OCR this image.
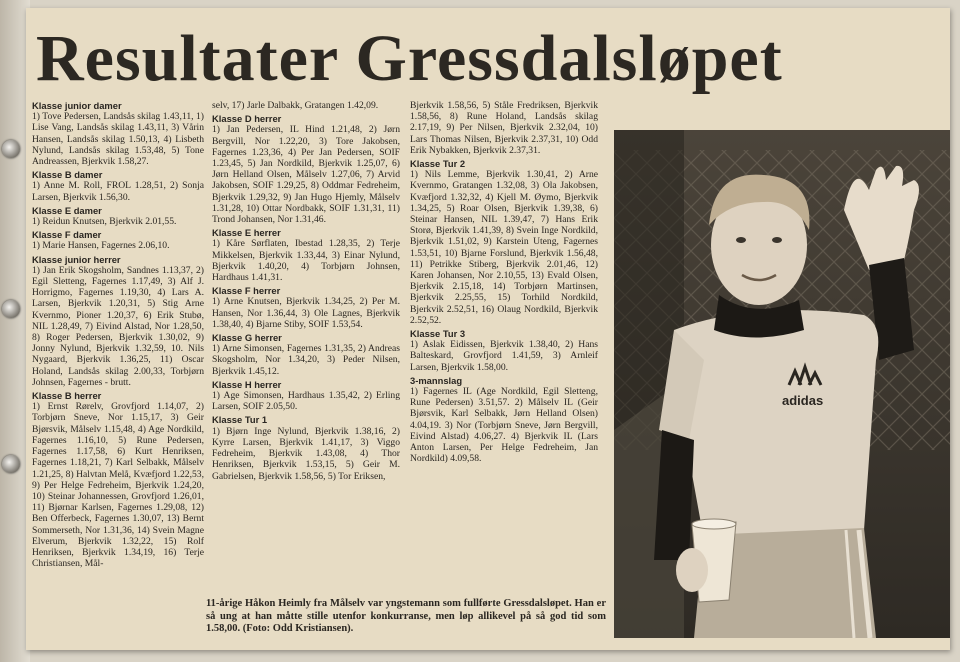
Resultater Gressdalsløpet
Klasse junior damer
1) Tove Pedersen, Landsås skilag 1.43,11, 1) Lise Vang, Landsås skilag 1.43,11, 3) Vårin Hansen, Landsås skilag 1.50,13, 4) Lisbeth Nylund, Landsås skilag 1.53,48, 5) Tone Andreassen, Bjerkvik 1.58,27.
Klasse B damer
1) Anne M. Roll, FROL 1.28,51, 2) Sonja Larsen, Bjerkvik 1.56,30.
Klasse E damer
1) Reidun Knutsen, Bjerkvik 2.01,55.
Klasse F damer
1) Marie Hansen, Fagernes 2.06,10.
Klasse junior herrer
1) Jan Erik Skogsholm, Sandnes 1.13,37, 2) Egil Sletteng, Fagernes 1.17,49, 3) Alf J. Horrigmo, Fagernes 1.19,30, 4) Lars A. Larsen, Bjerkvik 1.20,31, 5) Stig Arne Kvernmo, Pioner 1.20,37, 6) Erik Stubø, NIL 1.28,49, 7) Eivind Alstad, Nor 1.28,50, 8) Roger Pedersen, Bjerkvik 1.30,02, 9) Jonny Nylund, Bjerkvik 1.32,59, 10. Nils Nygaard, Bjerkvik 1.36,25, 11) Oscar Holand, Landsås skilag 2.00,33, Torbjørn Johnsen, Fagernes - brutt.
Klasse B herrer
1) Ernst Rørelv, Grovfjord 1.14,07, 2) Torbjørn Sneve, Nor 1.15,17, 3) Geir Bjørsvik, Målselv 1.15,48, 4) Age Nordkild, Fagernes 1.16,10, 5) Rune Pedersen, Fagernes 1.17,58, 6) Kurt Henriksen, Fagernes 1.18,21, 7) Karl Selbakk, Målselv 1.21,25, 8) Halvtan Melå, Kvæfjord 1.22,53, 9) Per Helge Fedreheim, Bjerkvik 1.24,20, 10) Steinar Johannessen, Grovfjord 1.26,01, 11) Bjørnar Karlsen, Fagernes 1.29,08, 12) Ben Offerbeck, Fagernes 1.30,07, 13) Bernt Sommerseth, Nor 1.31,36, 14) Svein Magne Elverum, Bjerkvik 1.32,22, 15) Rolf Henriksen, Bjerkvik 1.34,19, 16) Terje Christiansen, Mål-
selv, 17) Jarle Dalbakk, Gratangen 1.42,09.
Klasse D herrer
1) Jan Pedersen, IL Hind 1.21,48, 2) Jørn Bergvill, Nor 1.22,20, 3) Tore Jakobsen, Fagernes 1.23,36, 4) Per Jan Pedersen, SOIF 1.23,45, 5) Jan Nordkild, Bjerkvik 1.25,07, 6) Jørn Helland Olsen, Målselv 1.27,06, 7) Arvid Jakobsen, SOIF 1.29,25, 8) Oddmar Fedreheim, Bjerkvik 1.29,32, 9) Jan Hugo Hjemly, Målselv 1.31,28, 10) Ottar Nordbakk, SOIF 1.31,31, 11) Trond Johansen, Nor 1.31,46.
Klasse E herrer
1) Kåre Sørflaten, Ibestad 1.28,35, 2) Terje Mikkelsen, Bjerkvik 1.33,44, 3) Einar Nylund, Bjerkvik 1.40,20, 4) Torbjørn Johnsen, Hardhaus 1.41,31.
Klasse F herrer
1) Arne Knutsen, Bjerkvik 1.34,25, 2) Per M. Hansen, Nor 1.36,44, 3) Ole Lagnes, Bjerkvik 1.38,40, 4) Bjarne Stiby, SOIF 1.53,54.
Klasse G herrer
1) Arne Simonsen, Fagernes 1.31,35, 2) Andreas Skogsholm, Nor 1.34,20, 3) Peder Nilsen, Bjerkvik 1.45,12.
Klasse H herrer
1) Age Simonsen, Hardhaus 1.35,42, 2) Erling Larsen, SOIF 2.05,50.
Klasse Tur 1
1) Bjørn Inge Nylund, Bjerkvik 1.38,16, 2) Kyrre Larsen, Bjerkvik 1.41,17, 3) Viggo Fedreheim, Bjerkvik 1.43,08, 4) Thor Henriksen, Bjerkvik 1.53,15, 5) Geir M. Gabrielsen, Bjerkvik 1.58,56, 5) Tor Eriksen,
Bjerkvik 1.58,56, 5) Ståle Fredriksen, Bjerkvik 1.58,56, 8) Rune Holand, Landsås skilag 2.17,19, 9) Per Nilsen, Bjerkvik 2.32,04, 10) Lars Thomas Nilsen, Bjerkvik 2.37,31, 10) Odd Erik Nybakken, Bjerkvik 2.37,31.
Klasse Tur 2
1) Nils Lemme, Bjerkvik 1.30,41, 2) Arne Kvernmo, Gratangen 1.32,08, 3) Ola Jakobsen, Kvæfjord 1.32,32, 4) Kjell M. Øymo, Bjerkvik 1.34,25, 5) Roar Olsen, Bjerkvik 1.39,38, 6) Steinar Hansen, NIL 1.39,47, 7) Hans Erik Storø, Bjerkvik 1.41,39, 8) Svein Inge Nordkild, Bjerkvik 1.51,02, 9) Karstein Uteng, Fagernes 1.53,51, 10) Bjarne Forslund, Bjerkvik 1.56,48, 11) Petrikke Stiberg, Bjerkvik 2.01,46, 12) Karen Johansen, Nor 2.10,55, 13) Evald Olsen, Bjerkvik 2.15,18, 14) Torbjørn Martinsen, Bjerkvik 2.25,55, 15) Torhild Nordkild, Bjerkvik 2.52,51, 16) Olaug Nordkild, Bjerkvik 2.52,52.
Klasse Tur 3
1) Aslak Eidissen, Bjerkvik 1.38,40, 2) Hans Balteskard, Grovfjord 1.41,59, 3) Arnleif Larsen, Bjerkvik 1.58,00.
3-mannslag
1) Fagernes IL (Age Nordkild, Egil Sletteng, Rune Pedersen) 3.51,57. 2) Målselv IL (Geir Bjørsvik, Karl Selbakk, Jørn Helland Olsen) 4.04,19. 3) Nor (Torbjørn Sneve, Jørn Bergvill, Eivind Alstad) 4.06,27. 4) Bjerkvik IL (Lars Anton Larsen, Per Helge Fedreheim, Jan Nordkild) 4.09,58.
adidas
11-årige Håkon Heimly fra Målselv var yngstemann som fullførte Gressdalsløpet. Han er så ung at han måtte stille utenfor konkurranse, men løp allikevel på så god tid som 1.58,00. (Foto: Odd Kristiansen).
